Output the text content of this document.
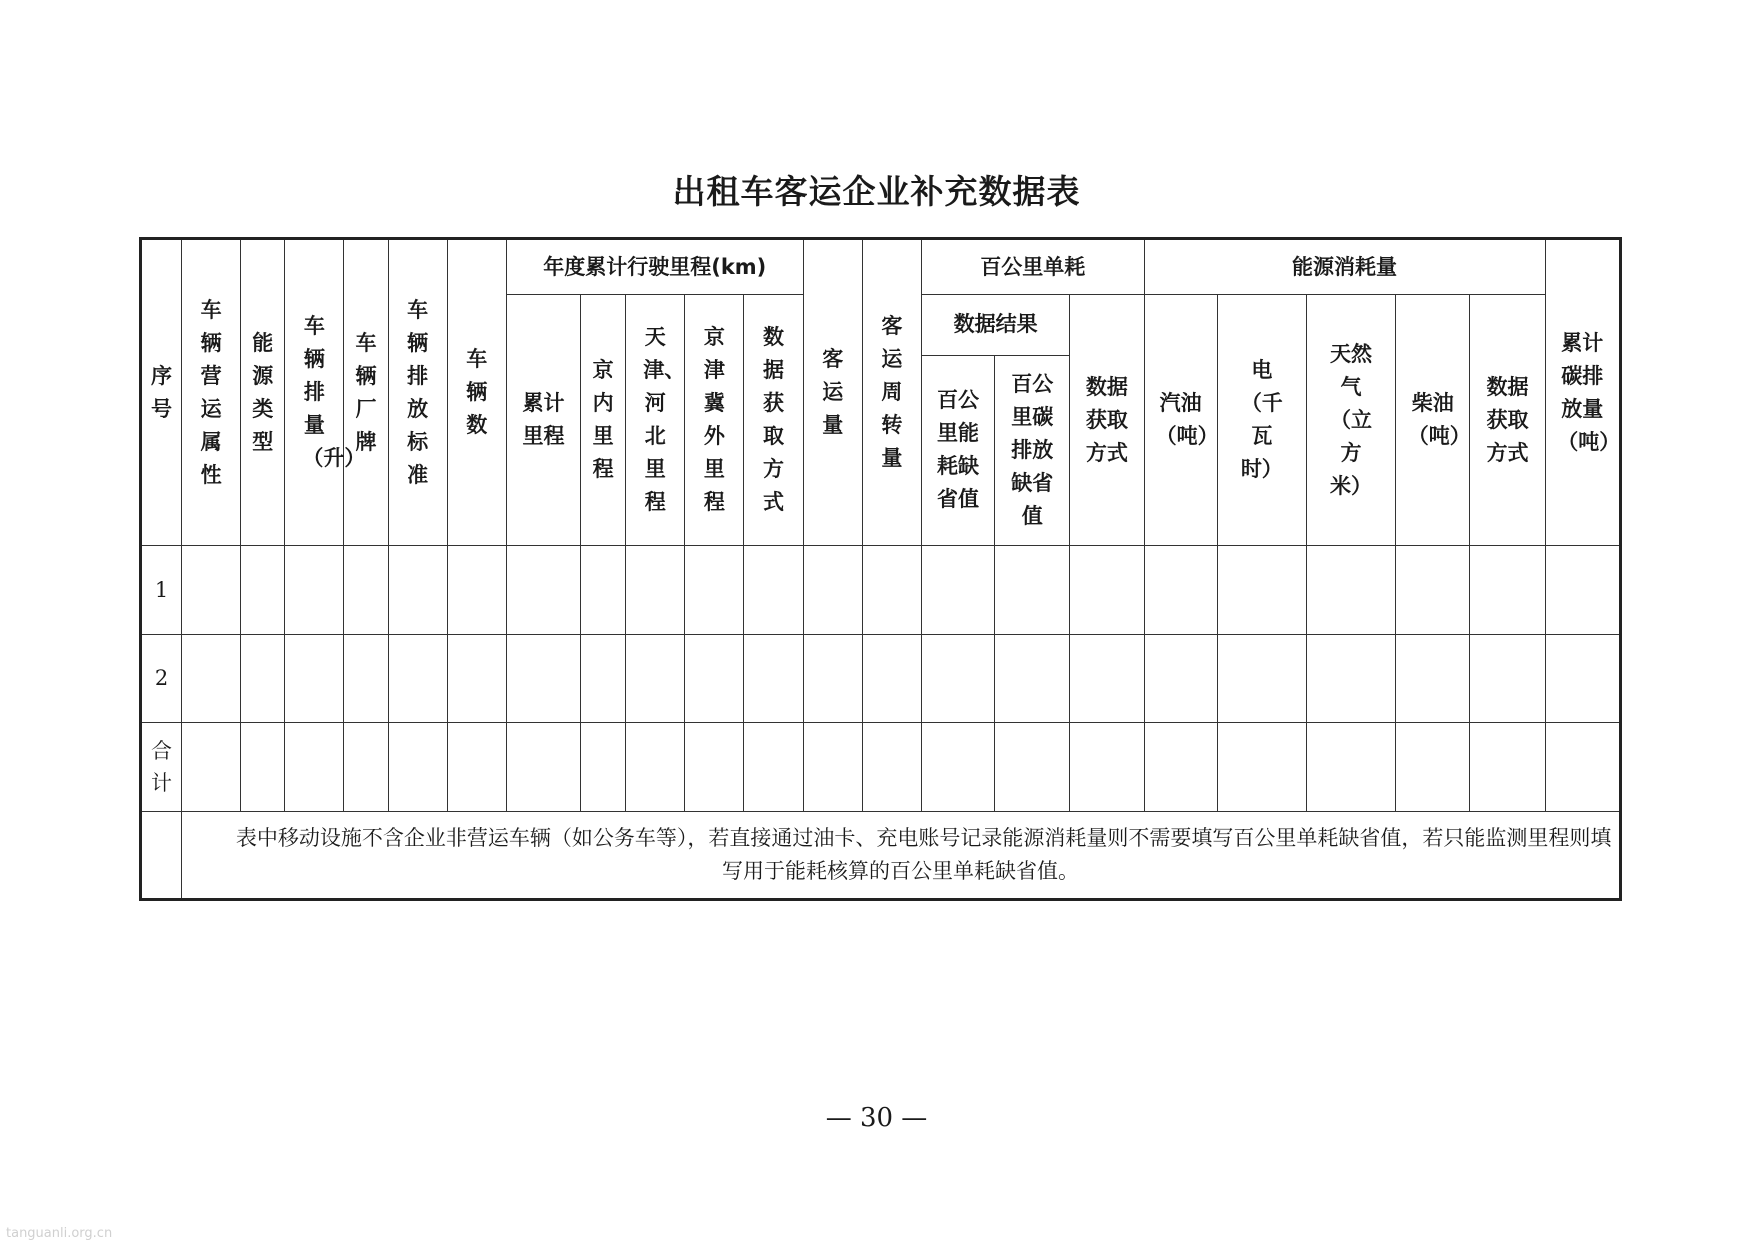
出租车客运企业补充数据表
序号	车辆营运属性	能源类型	车辆排量（升）	车辆厂牌	车辆排放标准	车辆数	年度累计行驶里程(km)					客运量	客运周转量	百公里单耗			能源消耗量					累计碳排放量（吨）

							累计里程	京内里程	天津、河北里程	京津冀外里程	数据获取方式			数据结果		数据获取方式	汽油（吨）	电（千瓦时）	天然气（立方米）	柴油（吨）	数据获取方式	

														百公里能耗缺省值	百公里碳排放缺省值							

1																						

2																						

合计																						

	表中移动设施不含企业非营运车辆（如公务车等），若直接通过油卡、充电账号记录能源消耗量则不需要填写百公里单耗缺省值，若只能监测里程则填写用于能耗核算的百公里单耗缺省值。																					

— 30 —
tanguanli.org.cn
